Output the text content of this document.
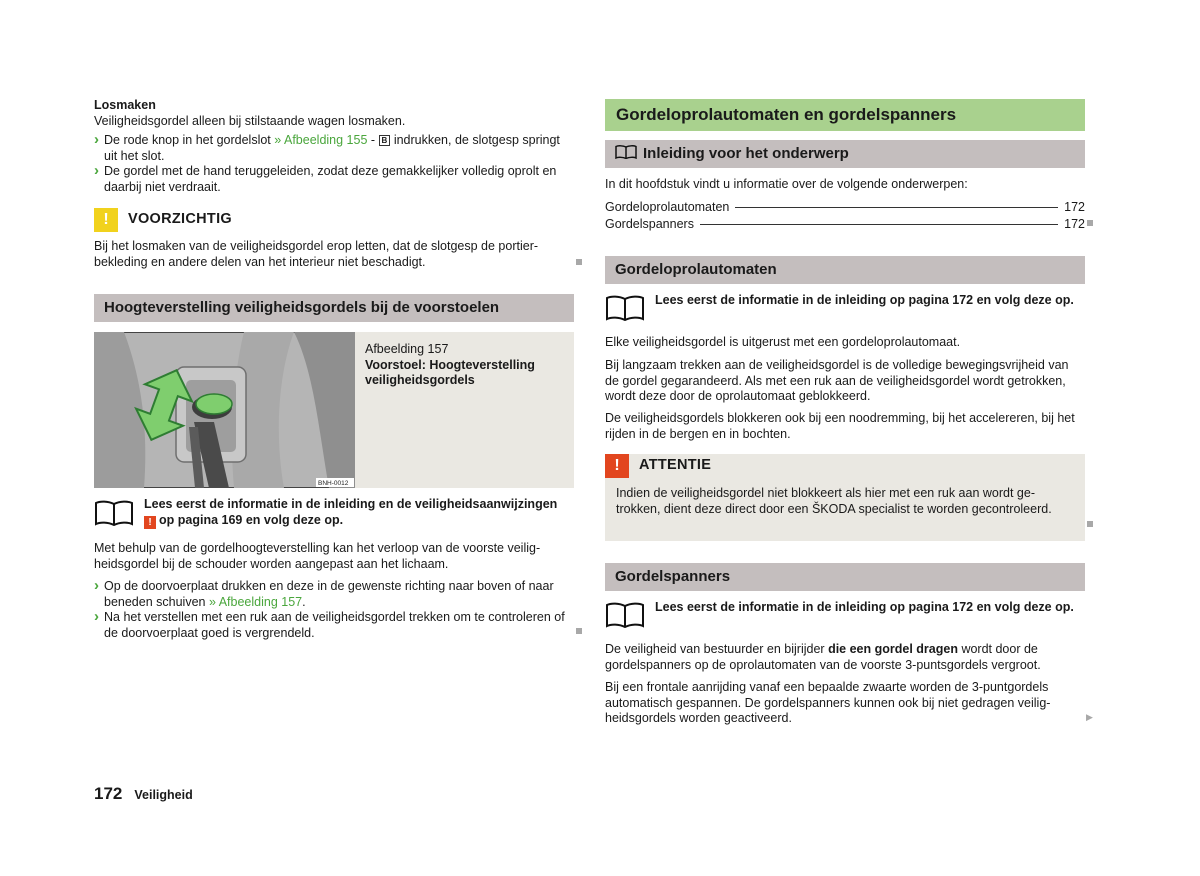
Losmaken

Veiligheidsgordel alleen bij stilstaande wagen losmaken.

› De rode knop in het gordelslot » Afbeelding 155 - B indrukken, de slotgesp springt uit het slot.

› De gordel met de hand teruggeleiden, zodat deze gemakkelijker volledig oprolt en daarbij niet verdraait.

!	VOORZICHTIG

Bij het losmaken van de veiligheidsgordel erop letten, dat de slotgesp de portierbekleding en andere delen van het interieur niet beschadigt.

Hoogteverstelling veiligheidsgordels bij de voorstoelen
BNH-0012

Afbeelding 157

Voorstoel: Hoogteverstelling veiligheidsgordels

Lees eerst de informatie in de inleiding en de veiligheidsaanwijzingen
! op pagina 169 en volg deze op.

Met behulp van de gordelhoogteverstelling kan het verloop van de voorste veiligheidsgordel bij de schouder worden aangepast aan het lichaam.

› Op de doorvoerplaat drukken en deze in de gewenste richting naar boven of naar beneden schuiven » Afbeelding 157.

› Na het verstellen met een ruk aan de veiligheidsgordel trekken om te controleren of de doorvoerplaat goed is vergrendeld.

Gordeloprolautomaten en gordelspanners
Inleiding voor het onderwerp

In dit hoofdstuk vindt u informatie over de volgende onderwerpen:

Gordeloprolautomaten	172
Gordelspanners	172
Gordeloprolautomaten

Lees eerst de informatie in de inleiding op pagina 172 en volg deze op.

Elke veiligheidsgordel is uitgerust met een gordeloprolautomaat.

Bij langzaam trekken aan de veiligheidsgordel is de volledige bewegingsvrijheid van de gordel gegarandeerd. Als met een ruk aan de veiligheidsgordel wordt getrokken, wordt deze door de oprolautomaat geblokkeerd.

De veiligheidsgordels blokkeren ook bij een noodremming, bij het accelereren, bij het rijden in de bergen en in bochten.

!	ATTENTIE

Indien de veiligheidsgordel niet blokkeert als hier met een ruk aan wordt getrokken, dient deze direct door een ŠKODA specialist te worden gecontroleerd.

Gordelspanners

Lees eerst de informatie in de inleiding op pagina 172 en volg deze op.

De veiligheid van bestuurder en bijrijder die een gordel dragen wordt door de gordelspanners op de oprolautomaten van de voorste 3-puntsgordels vergroot.

Bij een frontale aanrijding vanaf een bepaalde zwaarte worden de 3-puntgordels automatisch gespannen. De gordelspanners kunnen ook bij niet gedragen veiligheidsgordels worden geactiveerd.	▶
172 Veiligheid
